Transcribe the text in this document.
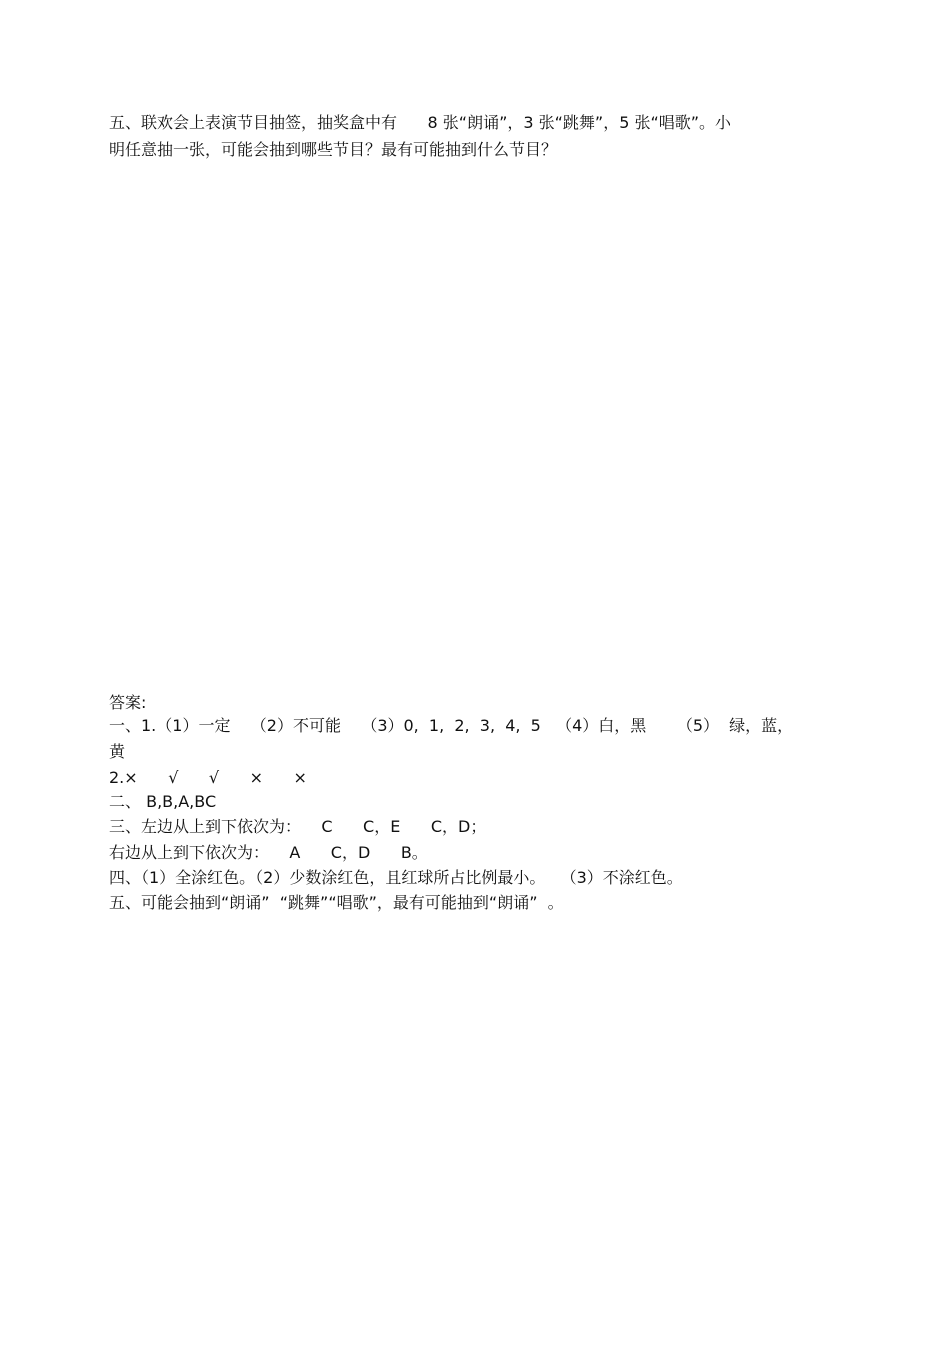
五、联欢会上表演节目抽签，抽奖盒中有      8 张“朗诵”，3 张“跳舞”，5 张“唱歌”。小
明任意抽一张，可能会抽到哪些节目？最有可能抽到什么节目？
答案:
一、1.（1）一定    （2）不可能    （3）0,  1,  2,  3,  4,  5   （4）白，黑      （5）  绿，蓝，
黄
2.×      √      √      ×      ×
二、 B,B,A,BC
三、左边从上到下依次为：    C      C，E      C，D；
右边从上到下依次为：    A      C，D      B。
四、（1）全涂红色。（2）少数涂红色，且红球所占比例最小。   （3）不涂红色。
五、可能会抽到“朗诵”  “跳舞”“唱歌”，最有可能抽到“朗诵”  。
